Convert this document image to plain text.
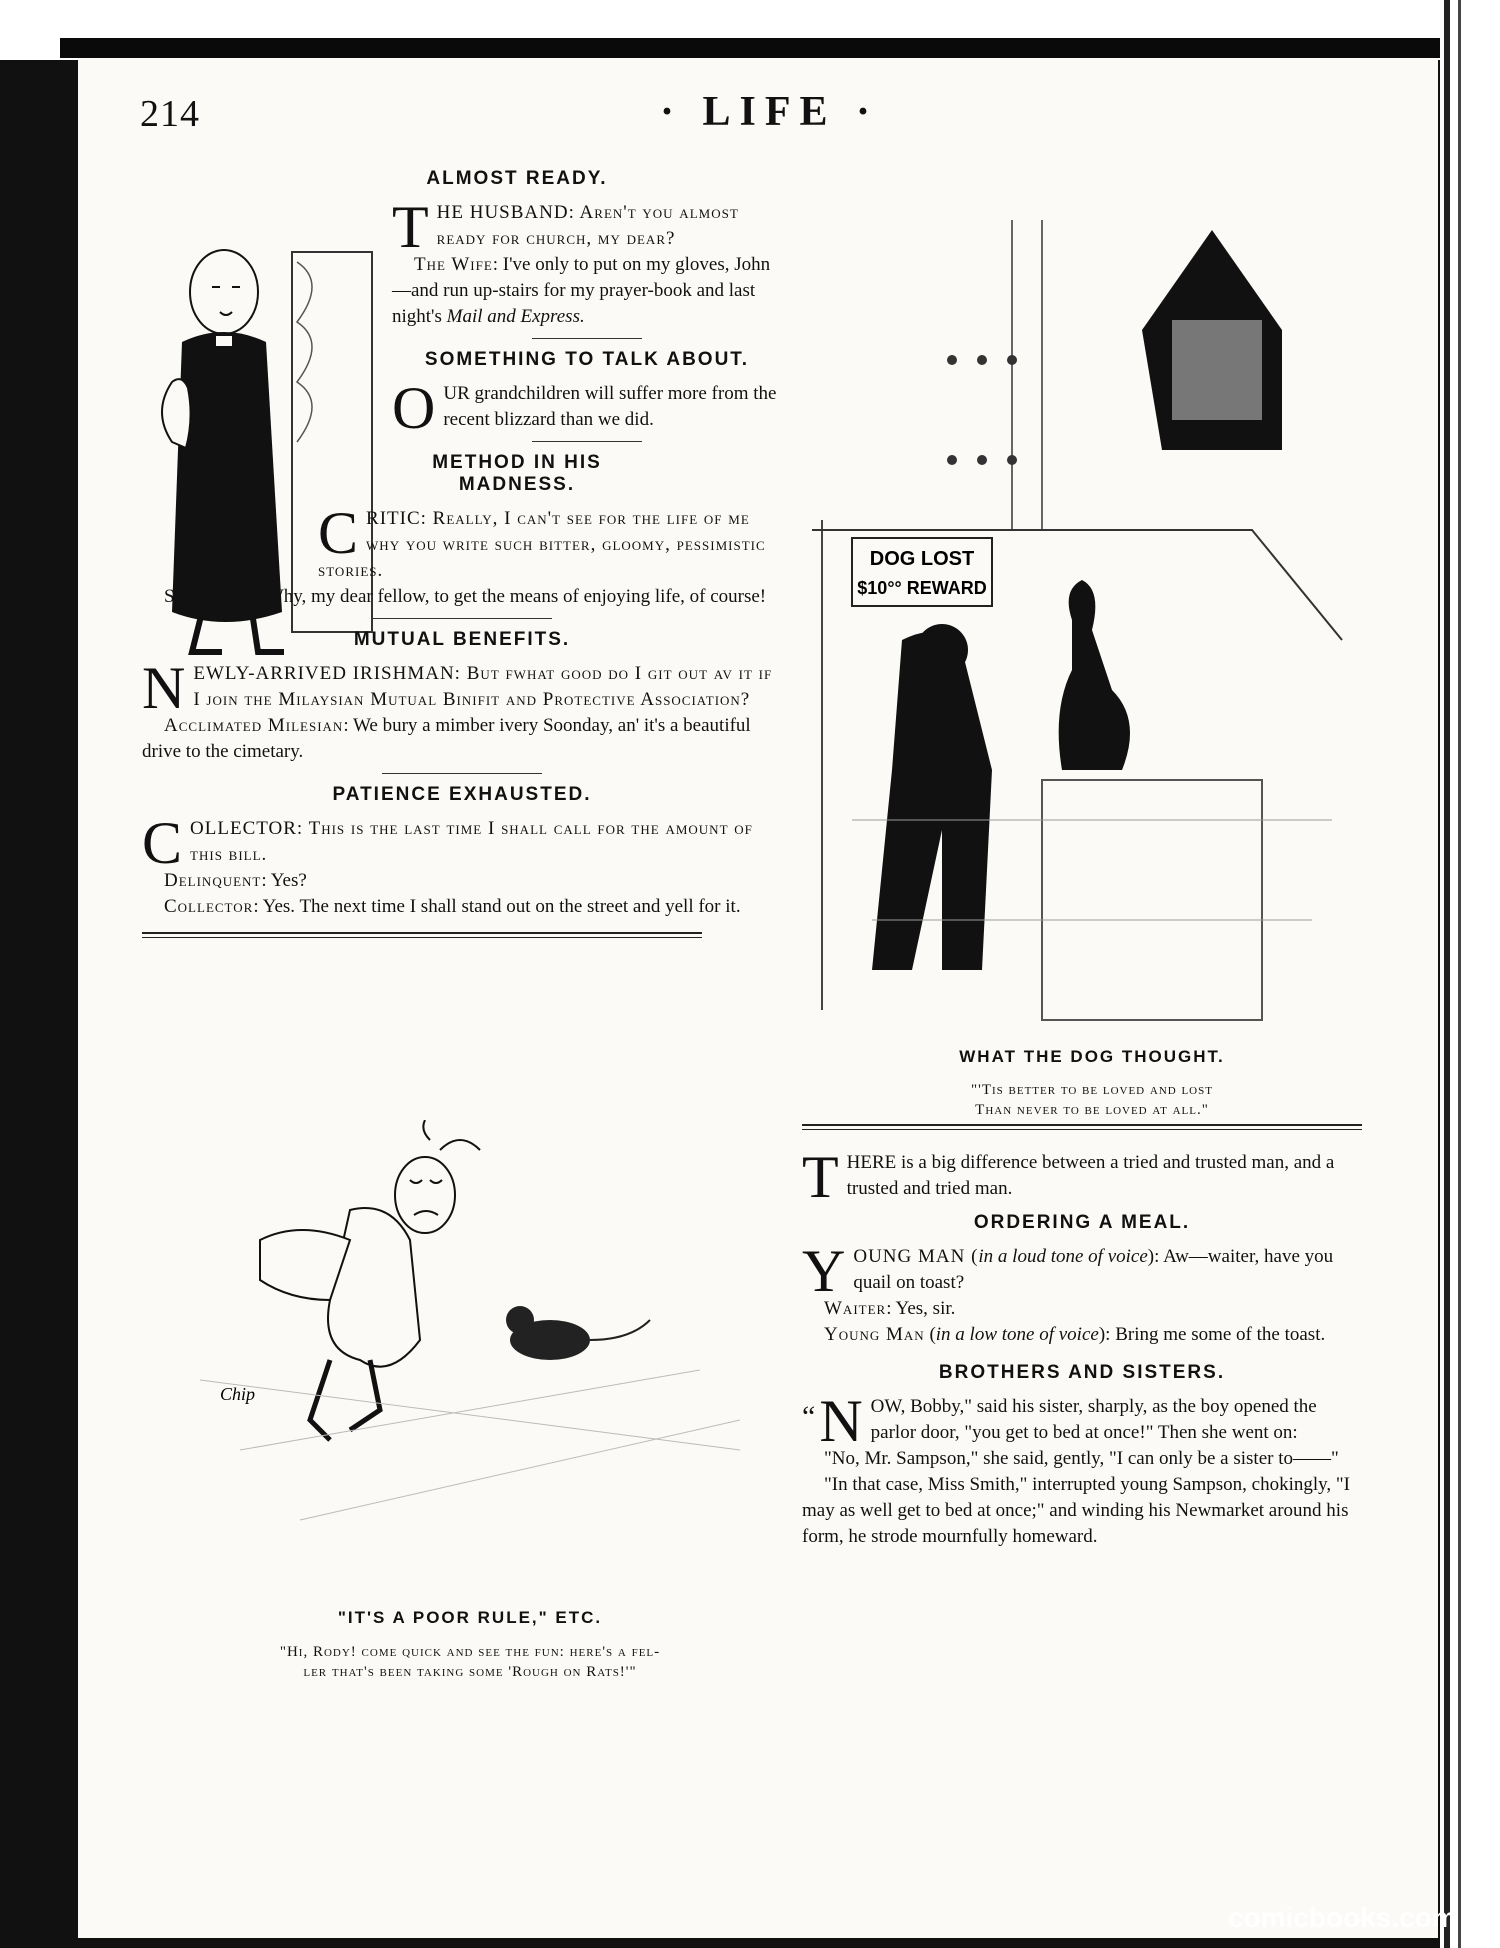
214	· LIFE ·
ALMOST READY.

THE HUSBAND: Aren't you almost ready for church, my dear?

The Wife: I've only to put on my gloves, John—and run up-stairs for my prayer-book and last night's Mail and Express.

SOMETHING TO TALK ABOUT.

OUR grandchildren will suffer more from the recent blizzard than we did.

METHOD IN HIS MADNESS.

CRITIC: Really, I can't see for the life of me why you write such bitter, gloomy, pessimistic stories.

Scriblerus: Why, my dear fellow, to get the means of enjoying life, of course!

MUTUAL BENEFITS.

NEWLY-ARRIVED IRISHMAN: But fwhat good do I git out av it if I join the Milaysian Mutual Binifit and Protective Association?

Acclimated Milesian: We bury a mimber ivery Soonday, an' it's a beautiful drive to the cimetary.

PATIENCE EXHAUSTED.

COLLECTOR: This is the last time I shall call for the amount of this bill.

Delinquent: Yes?

Collector: Yes. The next time I shall stand out on the street and yell for it.

DOG LOST
$10°° REWARD
WHAT THE DOG THOUGHT.
"'Tis better to be loved and lost
Than never to be loved at all."

THERE is a big difference between a tried and trusted man, and a trusted and tried man.

ORDERING A MEAL.

YOUNG MAN (in a loud tone of voice): Aw—waiter, have you quail on toast?

Waiter: Yes, sir.

Young Man (in a low tone of voice): Bring me some of the toast.

BROTHERS AND SISTERS.

“ N OW, Bobby," said his sister, sharply, as the boy opened the parlor door, "you get to bed at once!" Then she went on:

"No, Mr. Sampson," she said, gently, "I can only be a sister to——"

"In that case, Miss Smith," interrupted young Sampson, chokingly, "I may as well get to bed at once;" and winding his Newmarket around his form, he strode mournfully homeward.

Chip
"IT'S A POOR RULE," ETC.
"Hi, Rody! come quick and see the fun: here's a fel-
ler that's been taking some 'Rough on Rats!'"
comicbooks.com
